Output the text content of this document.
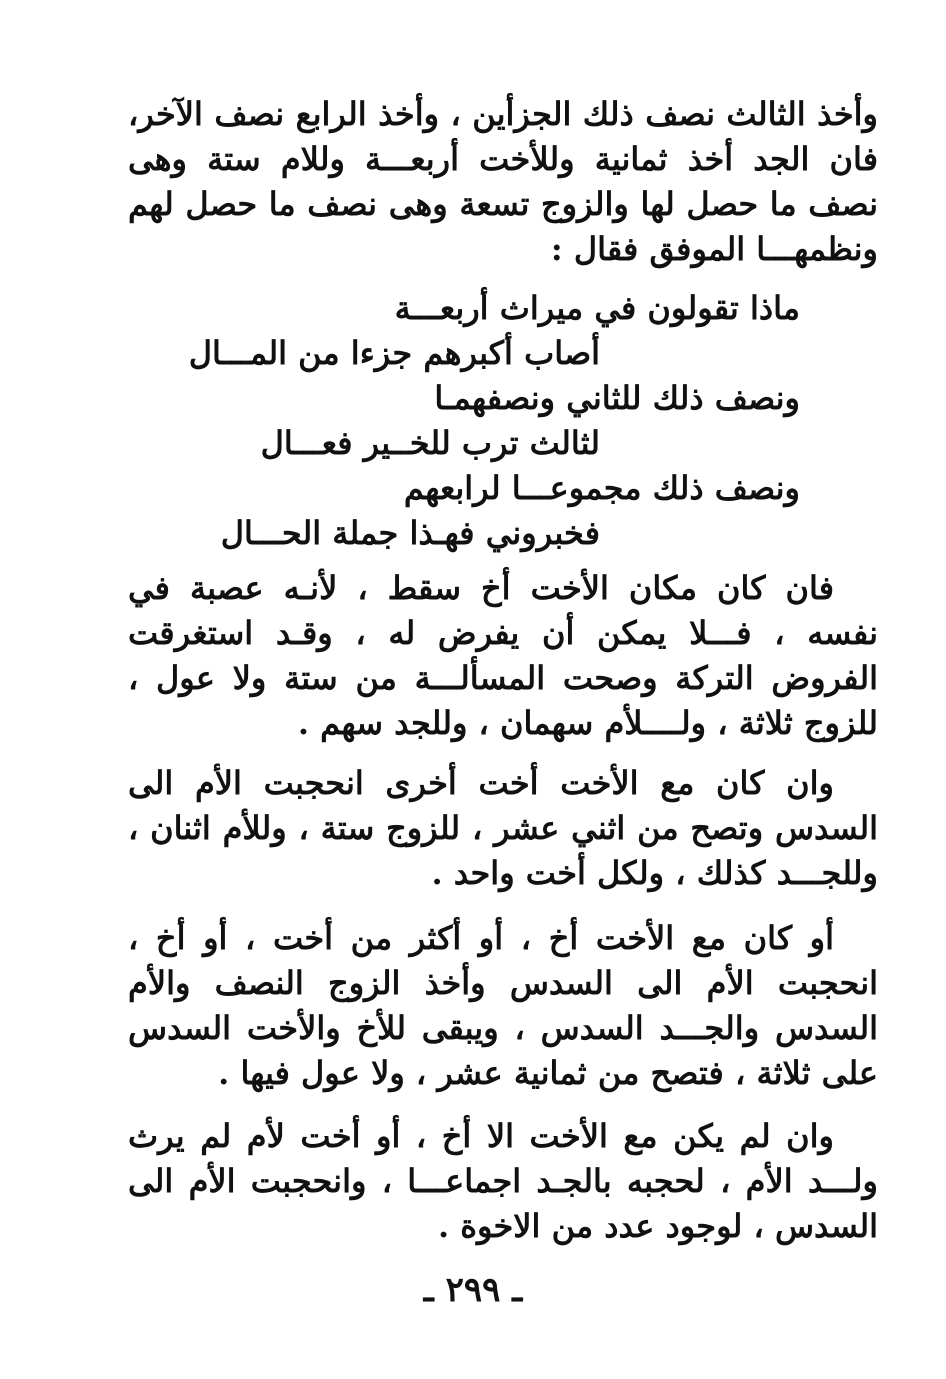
وأخذ الثالث نصف ذلك الجزأين ، وأخذ الرابع نصف الآخر، فان الجد أخذ ثمانية وللأخت أربعـــة وللام ستة وهى نصف ما حصل لها والزوج تسعة وهى نصف ما حصل لهم ونظمهـــا الموفق فقال :

ماذا تقولون في ميراث أربعـــة
أصاب أكبرهم جزءا من المـــال
ونصف ذلك للثاني ونصفهمـا
لثالث ترب للخــير فعـــال
ونصف ذلك مجموعـــا لرابعهم
فخبروني فهـذا جملة الحـــال

فان كان مكان الأخت أخ سقط ، لأنـه عصبة في نفسه ، فـــلا يمكن أن يفرض له ، وقـد استغرقت الفروض التركة وصحت المسألـــة من ستة ولا عول ، للزوج ثلاثة ، ولــــلأم سهمان ، وللجد سهم .

وان كان مع الأخت أخت أخرى انحجبت الأم الى السدس وتصح من اثني عشر ، للزوج ستة ، وللأم اثنان ، وللجـــد كذلك ، ولكل أخت واحد .

أو كان مع الأخت أخ ، أو أكثر من أخت ، أو أخ ، انحجبت الأم الى السدس وأخذ الزوج النصف والأم السدس والجـــد السدس ، ويبقى للأخ والأخت السدس على ثلاثة ، فتصح من ثمانية عشر ، ولا عول فيها .

وان لم يكن مع الأخت الا أخ ، أو أخت لأم لم يرث ولـــد الأم ، لحجبه بالجـد اجماعـــا ، وانحجبت الأم الى السدس ، لوجود عدد من الاخوة .

ـ ٢٩٩ ـ
